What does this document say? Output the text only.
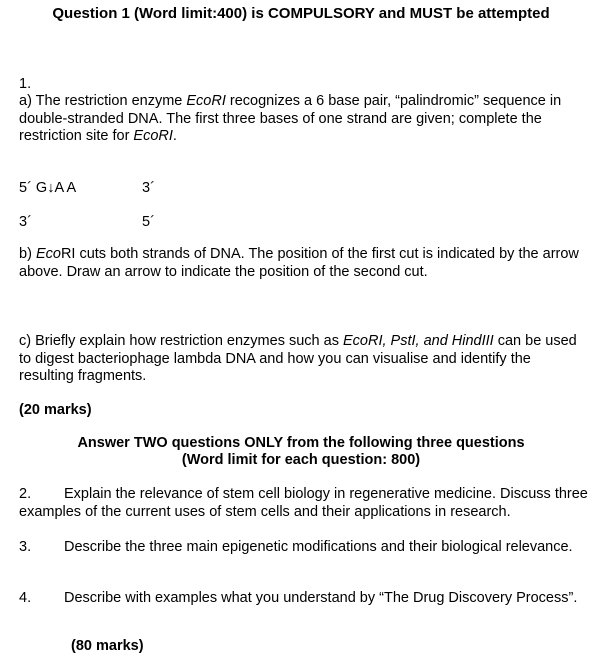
Question 1 (Word limit:400) is COMPULSORY and MUST be attempted

1.

a) The restriction enzyme EcoRI recognizes a 6 base pair, “palindromic” sequence in double-stranded DNA. The first three bases of one strand are given; complete the restriction site for EcoRI.

5´ G↓A A	3´
3´	5´

b) EcoRI cuts both strands of DNA. The position of the first cut is indicated by the arrow above. Draw an arrow to indicate the position of the second cut.

c) Briefly explain how restriction enzymes such as EcoRI, PstI, and HindIII can be used to digest bacteriophage lambda DNA and how you can visualise and identify the resulting fragments.

(20 marks)

Answer TWO questions ONLY from the following three questions

(Word limit for each question: 800)

2. Explain the relevance of stem cell biology in regenerative medicine. Discuss three examples of the current uses of stem cells and their applications in research.

3. Describe the three main epigenetic modifications and their biological relevance.

4. Describe with examples what you understand by “The Drug Discovery Process”.

(80 marks)
